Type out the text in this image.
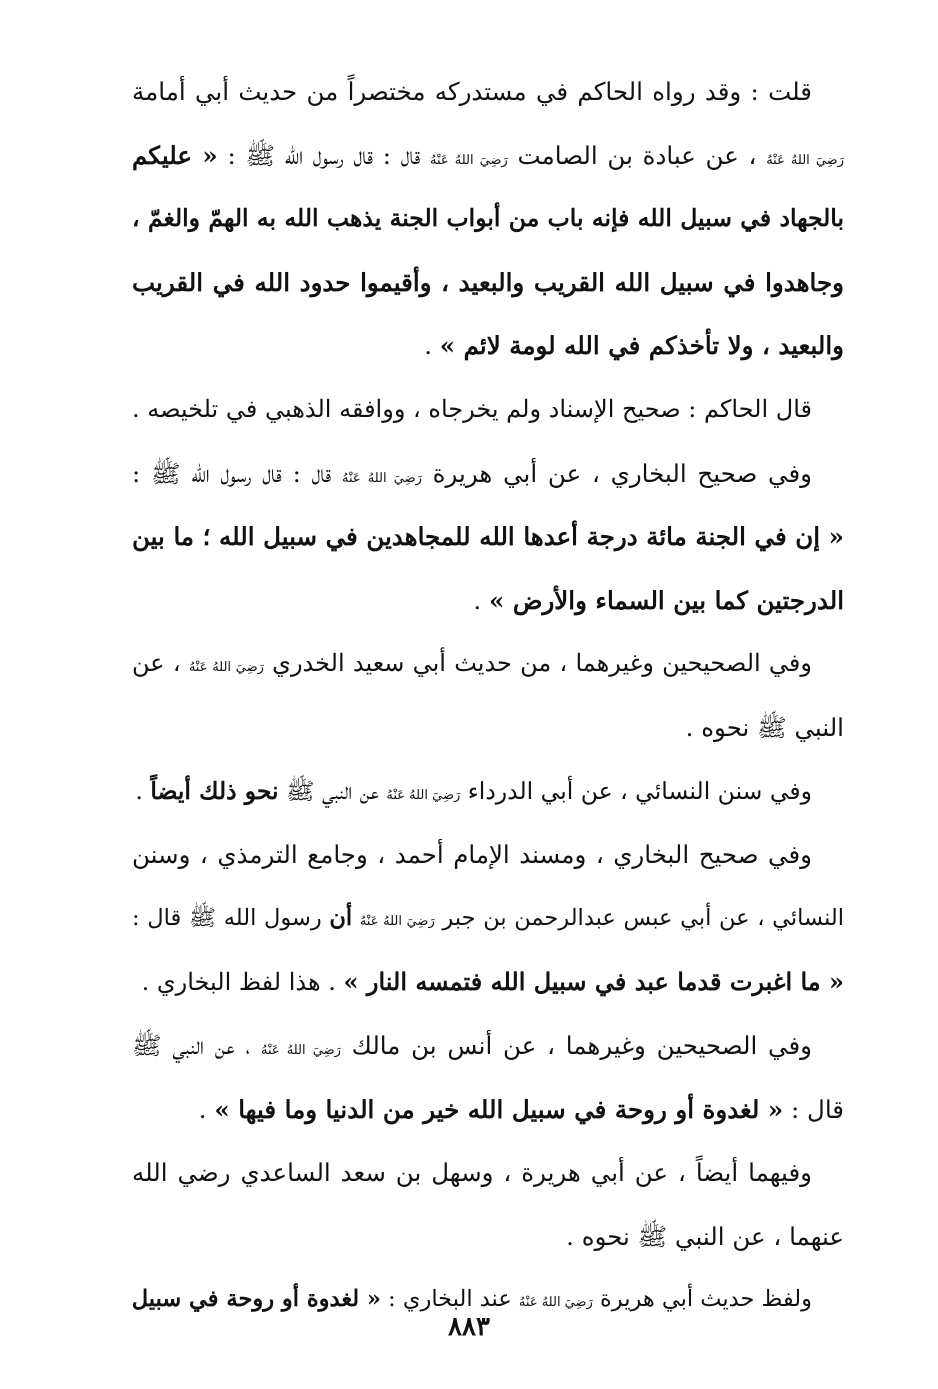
قلت : وقد رواه الحاكم في مستدركه مختصراً من حديث أبي أمامة
رَضِيَ اللهُ عَنْهُ ، عن عبادة بن الصامت رَضِيَ اللهُ عَنْهُ قال : قال رسول الله ﷺ : « عليكم
بالجهاد في سبيل الله فإنه باب من أبواب الجنة يذهب الله به الهمّ والغمّ ،
وجاهدوا في سبيل الله القريب والبعيد ، وأقيموا حدود الله في القريب
والبعيد ، ولا تأخذكم في الله لومة لائم » .
قال الحاكم : صحيح الإسناد ولم يخرجاه ، ووافقه الذهبي في تلخيصه .
وفي صحيح البخاري ، عن أبي هريرة رَضِيَ اللهُ عَنْهُ قال : قال رسول الله ﷺ :
« إن في الجنة مائة درجة أعدها الله للمجاهدين في سبيل الله ؛ ما بين
الدرجتين كما بين السماء والأرض » .
وفي الصحيحين وغيرهما ، من حديث أبي سعيد الخدري رَضِيَ اللهُ عَنْهُ ، عن
النبي ﷺ نحوه .
وفي سنن النسائي ، عن أبي الدرداء رَضِيَ اللهُ عَنْهُ عن النبي ﷺ نحو ذلك أيضاً .
وفي صحيح البخاري ، ومسند الإمام أحمد ، وجامع الترمذي ، وسنن
النسائي ، عن أبي عبس عبدالرحمن بن جبر رَضِيَ اللهُ عَنْهُ أن رسول الله ﷺ قال :
« ما اغبرت قدما عبد في سبيل الله فتمسه النار » . هذا لفظ البخاري .
وفي الصحيحين وغيرهما ، عن أنس بن مالك رَضِيَ اللهُ عَنْهُ ، عن النبي ﷺ
قال : « لغدوة أو روحة في سبيل الله خير من الدنيا وما فيها » .
وفيهما أيضاً ، عن أبي هريرة ، وسهل بن سعد الساعدي رضي الله
عنهما ، عن النبي ﷺ نحوه .
ولفظ حديث أبي هريرة رَضِيَ اللهُ عَنْهُ عند البخاري : « لغدوة أو روحة في سبيل
٨٨٣
